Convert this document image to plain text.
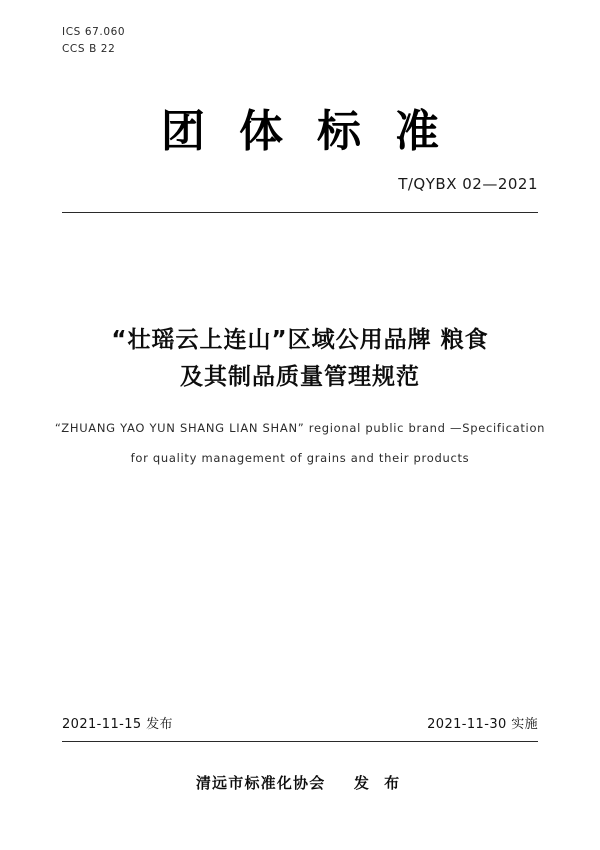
ICS 67.060
CCS B 22
团体标准
T/QYBX 02—2021
“壮瑶云上连山”区域公用品牌 粮食
及其制品质量管理规范
“ZHUANG YAO YUN SHANG LIAN SHAN” regional public brand —Specification
for quality management of grains and their products
2021-11-15 发布	2021-11-30 实施
清远市标准化协会 发 布
